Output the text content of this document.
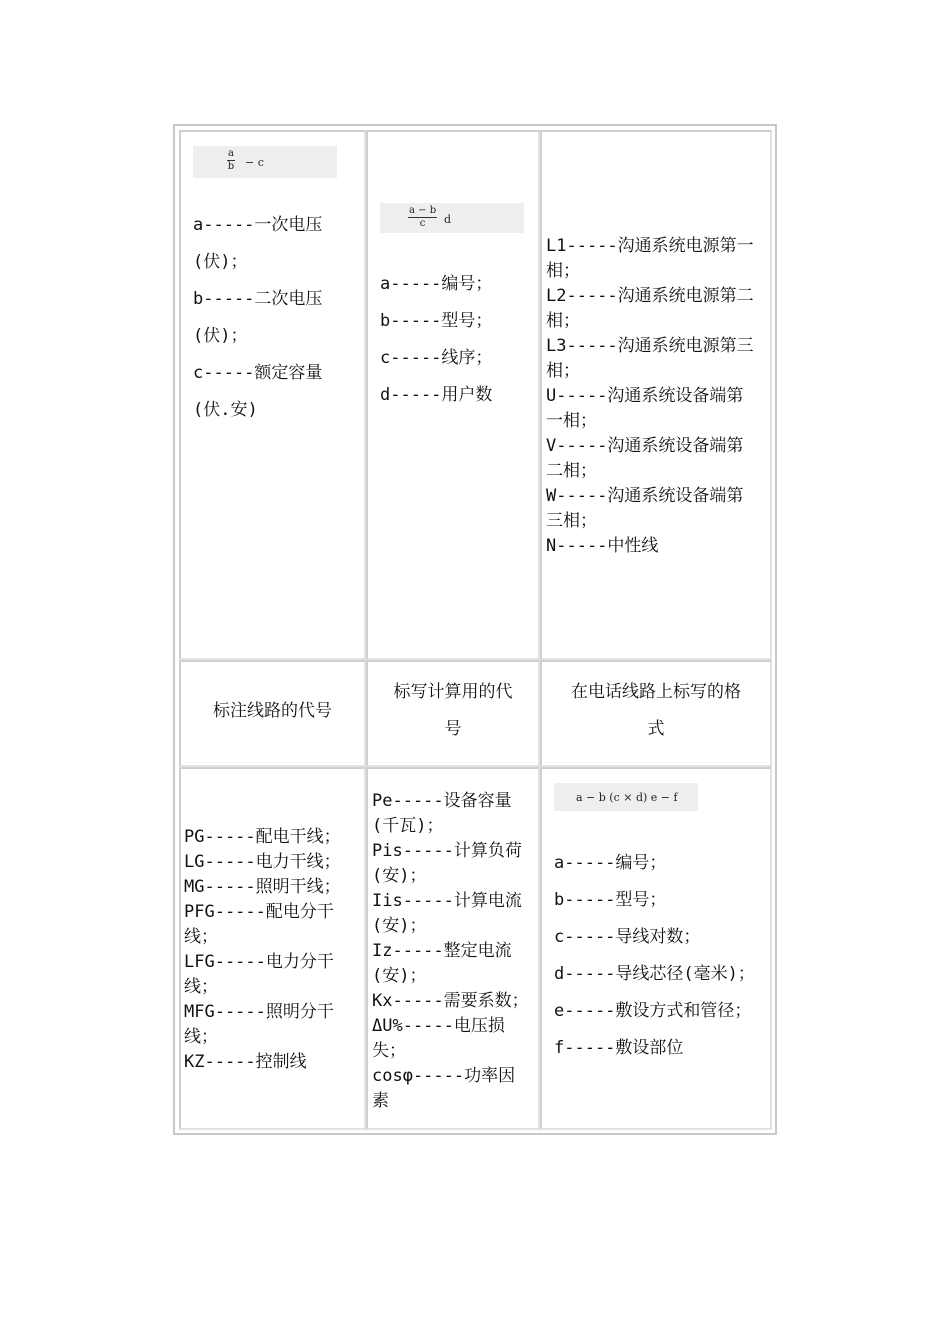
$\frac{a}{b} - c$
a-----一次电压
(伏)；
b-----二次电压
(伏)；
c-----额定容量
(伏.安)
$\frac{a - b}{c}$ d
a-----编号；
b-----型号；
c-----线序；
d-----用户数
L1-----沟通系统电源第一
相；
L2-----沟通系统电源第二
相；
L3-----沟通系统电源第三
相；
U-----沟通系统设备端第
一相；
V-----沟通系统设备端第
二相；
W-----沟通系统设备端第
三相；
N-----中性线
标注线路的代号
标写计算用的代
号
在电话线路上标写的格
式
PG-----配电干线；
LG-----电力干线；
MG-----照明干线；
PFG-----配电分干
线；
LFG-----电力分干
线；
MFG-----照明分干
线；
KZ-----控制线
Pe-----设备容量
(千瓦)；
Pis-----计算负荷
(安)；
Iis-----计算电流
(安)；
Iz-----整定电流
(安)；
Kx-----需要系数；
ΔU%-----电压损
失；
cosφ-----功率因
素
a − b (c × d) e − f
a-----编号；
b-----型号；
c-----导线对数；
d-----导线芯径(毫米)；
e-----敷设方式和管径；
f-----敷设部位
